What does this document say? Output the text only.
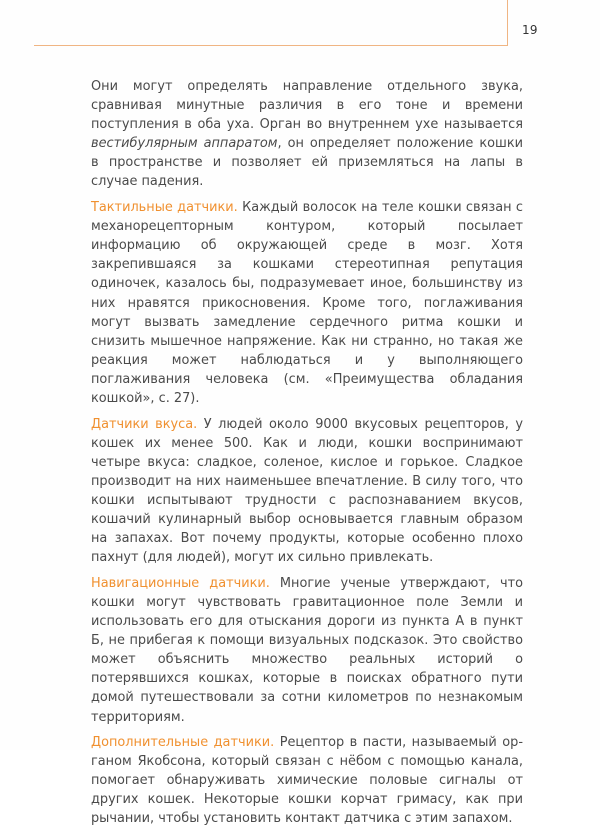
19

Они могут определять направление отдельного звука, сравнивая минутные различия в его тоне и времени поступления в оба уха. Орган во внутреннем ухе называется вестибулярным аппаратом, он определяет положение кошки в пространстве и позволяет ей приземляться на лапы в случае падения.

Тактильные датчики. Каждый волосок на теле кошки связан с механорецепторным контуром, который посылает информацию об окружающей среде в мозг. Хотя закрепившаяся за кошками стереотипная репутация одиночек, казалось бы, подразумевает иное, большинству из них нравятся прикосновения. Кроме того, поглаживания могут вызвать замедление сердечного ритма кошки и снизить мышечное напряжение. Как ни странно, но такая же реакция может наблюдаться и у выполняющего поглаживания человека (см. «Преимущества обладания кошкой», с. 27).

Датчики вкуса. У людей около 9000 вкусовых рецепторов, у кошек их менее 500. Как и люди, кошки воспринимают четыре вкуса: сладкое, соленое, кислое и горькое. Сладкое производит на них наименьшее впечатление. В силу того, что кошки испытывают трудности с распознаванием вкусов, кошачий кулинарный выбор основывается главным образом на запахах. Вот почему продукты, которые особенно плохо пахнут (для людей), могут их сильно привлекать.

Навигационные датчики. Многие ученые утверждают, что кошки могут чувствовать гравитационное поле Земли и использовать его для отыскания дороги из пункта А в пункт Б, не прибегая к помощи визуальных подсказок. Это свойство может объяснить множество реальных историй о потерявшихся кошках, которые в поисках обратного пути домой путешествовали за сотни километров по незнакомым территориям.

Дополнительные датчики. Рецептор в пасти, называемый органом Якобсона, который связан с нёбом с помощью канала, помогает обнаруживать химические половые сигналы от других кошек. Некоторые кошки корчат гримасу, как при рычании, чтобы установить контакт датчика с этим запахом.
